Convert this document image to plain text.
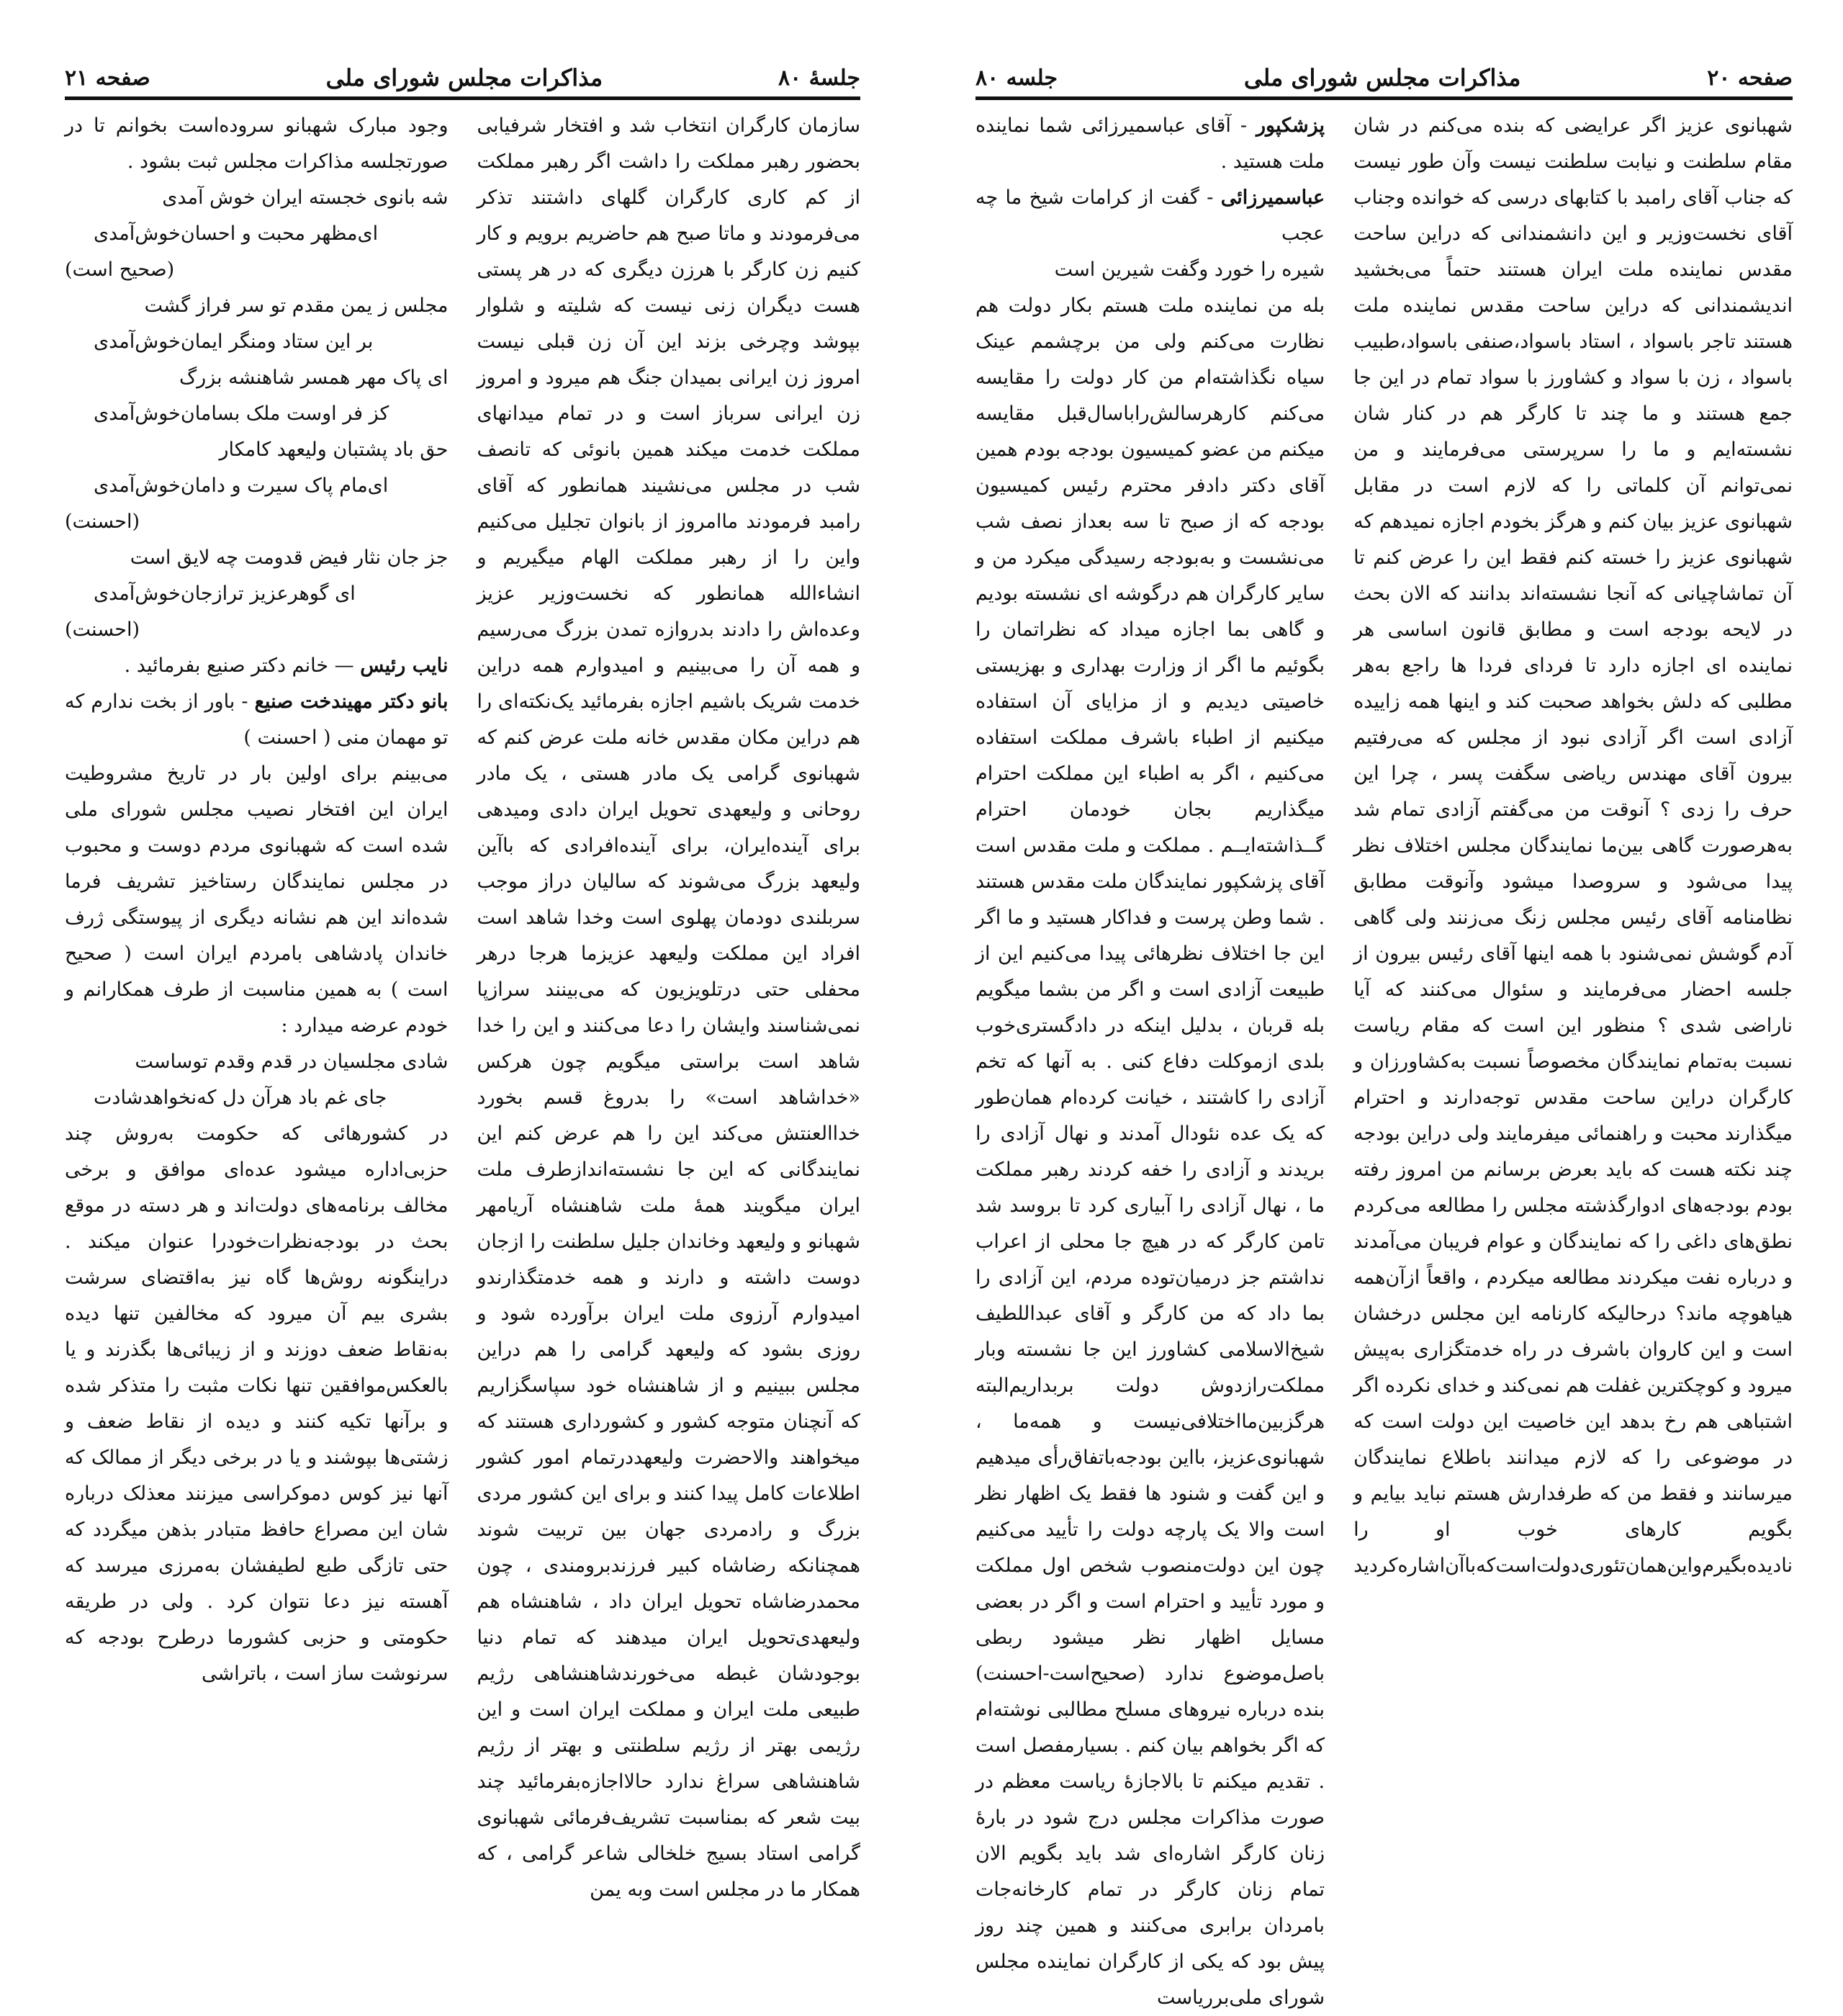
جلسهٔ ۸۰
مذاکرات مجلس شورای ملی
صفحه ۲۱

سازمان کارگران انتخاب شد و افتخار شرفیابی بحضور رهبر مملکت را داشت اگر رهبر مملکت از کم کاری کارگران گلهای داشتند تذکر می‌فرمودند و ماتا صبح هم حاضریم برویم و کار کنیم زن کارگر با هرزن دیگری که در هر پستی هست دیگران زنی نیست که شلیته و شلوار بپوشد وچرخی بزند این آن زن قبلی نیست امروز زن ایرانی بمیدان جنگ هم میرود و امروز زن ایرانی سرباز است و در تمام میدانهای مملکت خدمت میکند همین بانوئی که تانصف شب در مجلس می‌نشیند همانطور که آقای رامبد فرمودند ماامروز از بانوان تجلیل می‌کنیم واین را از رهبر مملکت الهام میگیریم و انشاءالله همانطور که نخست‌وزیر عزیز وعده‌اش را دادند بدروازه تمدن بزرگ می‌رسیم و همه آن را می‌بینیم و امیدوارم همه دراین خدمت شریک باشیم اجازه بفرمائید یک‌نکته‌ای را هم دراین مکان مقدس خانه ملت عرض کنم که شهبانوی گرامی یک مادر هستی ، یک مادر روحانی و ولیعهدی تحویل ایران دادی ومیدهی برای آینده‌ایران، برای آینده‌افرادی که باآین ولیعهد بزرگ می‌شوند که سالیان دراز موجب سربلندی دودمان پهلوی است وخدا شاهد است افراد این مملکت ولیعهد عزیزما هرجا درهر محفلی حتی درتلویزیون که می‌بینند سرازپا نمی‌شناسند وایشان را دعا می‌کنند و این را خدا شاهد است براستی میگویم چون هرکس «خداشاهد است» را بدروغ قسم بخورد خداالعنتش می‌کند این را هم عرض کنم این نمایندگانی که این جا نشسته‌اندازطرف ملت ایران میگویند همهٔ ملت شاهنشاه آریامهر شهبانو و ولیعهد وخاندان جلیل سلطنت را ازجان دوست داشته و دارند و همه خدمتگذارندو امیدوارم آرزوی ملت ایران برآورده شود و روزی بشود که ولیعهد گرامی را هم دراین مجلس ببینیم و از شاهنشاه خود سپاسگزاریم که آنچنان متوجه کشور و کشورداری هستند که میخواهند والاحضرت ولیعهددرتمام امور کشور اطلاعات کامل پیدا کنند و برای این کشور مردی بزرگ و رادمردی جهان بین تربیت شوند همچنانکه رضاشاه کبیر فرزندبرومندی ، چون محمدرضاشاه تحویل ایران داد ، شاهنشاه هم ولیعهدی‌تحویل ایران میدهند که تمام دنیا بوجودشان غبطه می‌خورندشاهنشاهی رژیم طبیعی ملت ایران و مملکت ایران است و این رژیمی بهتر از رژیم سلطنتی و بهتر از رژیم شاهنشاهی سراغ ندارد حالااجازه‌بفرمائید چند بیت شعر که بمناسبت تشریف‌فرمائی شهبانوی گرامی استاد بسیج خلخالی شاعر گرامی ، که همکار ما در مجلس است وبه یمن

وجود مبارک شهبانو سروده‌است بخوانم تا در صورتجلسه مذاکرات مجلس ثبت بشود .

شه بانوی خجسته ایران خوش آمدی

ای‌مظهر محبت و احسان‌خوش‌آمدی

(صحیح است)

مجلس ز یمن مقدم تو سر فراز گشت

بر این ستاد ومنگر ایمان‌خوش‌آمدی

ای پاک مهر همسر شاهنشه بزرگ

کز فر اوست ملک بسامان‌خوش‌آمدی

حق باد پشتبان ولیعهد کامکار

ای‌مام پاک سیرت و دامان‌خوش‌آمدی

(احسنت)

جز جان نثار فیض قدومت چه لایق است

ای گوهرعزیز ترازجان‌خوش‌آمدی

(احسنت)

نایب رئیس — خانم دکتر صنیع بفرمائید .

بانو دکتر مهیندخت صنیع - باور از بخت ندارم که تو مهمان منی ( احسنت )

می‌بینم برای اولین بار در تاریخ مشروطیت ایران این افتخار نصیب مجلس شورای ملی شده است که شهبانوی مردم دوست و محبوب در مجلس نمایندگان رستاخیز تشریف فرما شده‌اند این هم نشانه دیگری از پیوستگی ژرف خاندان پادشاهی بامردم ایران است ( صحیح است ) به همین مناسبت از طرف همکارانم و خودم عرضه میدارد :

شادی مجلسیان در قدم وقدم توساست

جای غم باد هرآن دل که‌نخواهدشادت

در کشورهائی که حکومت به‌روش چند حزبی‌اداره میشود عده‌ای موافق و برخی مخالف برنامه‌های دولت‌اند و هر دسته در موقع بحث در بودجه‌نظرات‌خودرا عنوان میکند . دراینگونه روش‌ها گاه نیز به‌اقتضای سرشت بشری بیم آن میرود که مخالفین تنها دیده به‌نقاط ضعف دوزند و از زیبائی‌ها بگذرند و یا بالعکس‌موافقین تنها نکات مثبت را متذکر شده و برآنها تکیه کنند و دیده از نقاط ضعف و زشتی‌ها بپوشند و یا در برخی دیگر از ممالک که آنها نیز کوس دموکراسی میزنند معذلک درباره شان این مصراع حافظ متبادر بذهن میگردد که حتی تازگی طبع لطیفشان به‌مرزی میرسد که آهسته نیز دعا نتوان کرد . ولی در طریقه حکومتی و حزبی کشورما درطرح بودجه که سرنوشت ساز است ، باتراشی

صفحه ۲۰
مذاکرات مجلس شورای ملی
جلسه ۸۰

شهبانوی عزیز اگر عرایضی که بنده می‌کنم در شان مقام سلطنت و نیابت سلطنت نیست وآن طور نیست که جناب آقای رامبد با کتابهای درسی که خوانده وجناب آقای نخست‌وزیر و این دانشمندانی که دراین ساحت مقدس نماینده ملت ایران هستند حتماً می‌بخشید اندیشمندانی که دراین ساحت مقدس نماینده ملت هستند تاجر باسواد ، استاد باسواد،صنفی باسواد،طبیب باسواد ، زن با سواد و کشاورز با سواد تمام در این جا جمع هستند و ما چند تا کارگر هم در کنار شان نشسته‌ایم و ما را سرپرستی می‌فرمایند و من نمی‌توانم آن کلماتی را که لازم است در مقابل شهبانوی عزیز بیان کنم و هرگز بخودم اجازه نمیدهم که شهبانوی عزیز را خسته کنم فقط این را عرض کنم تا آن تماشاچیانی که آنجا نشسته‌اند بدانند که الان بحث در لایحه بودجه است و مطابق قانون اساسی هر نماینده ای اجازه دارد تا فردای فردا ها راجع به‌هر مطلبی که دلش بخواهد صحبت کند و اینها همه زاییده آزادی است اگر آزادی نبود از مجلس که می‌رفتیم بیرون آقای مهندس ریاضی سگفت پسر ، چرا این حرف را زدی ؟ آنوقت من می‌گفتم آزادی تمام شد به‌هرصورت گاهی بین‌ما نمایندگان مجلس اختلاف نظر پیدا می‌شود و سروصدا میشود وآنوقت مطابق نظامنامه آقای رئیس مجلس زنگ می‌زنند ولی گاهی آدم گوشش نمی‌شنود با همه اینها آقای رئیس بیرون از جلسه احضار می‌فرمایند و سئوال می‌کنند که آیا ناراضی شدی ؟ منظور این است که مقام ریاست نسبت به‌تمام نمایندگان مخصوصاً نسبت به‌کشاورزان و کارگران دراین ساحت مقدس توجه‌دارند و احترام میگذارند محبت و راهنمائی میفرمایند ولی دراین بودجه چند نکته هست که باید بعرض برسانم من امروز رفته بودم بودجه‌های ادوارگذشته مجلس را مطالعه می‌کردم نطق‌های داغی را که نمایندگان و عوام فریبان می‌آمدند و درباره نفت میکردند مطالعه میکردم ، واقعاً ازآن‌همه هیاهوچه ماند؟ درحالیکه کارنامه این مجلس درخشان است و این کاروان باشرف در راه خدمتگزاری به‌پیش میرود و کوچکترین غفلت هم نمی‌کند و خدای نکرده اگر اشتباهی هم رخ بدهد این خاصیت این دولت است که در موضوعی را که لازم میدانند باطلاع نمایندگان میرسانند و فقط من که طرفدارش هستم نباید بیایم و بگویم کارهای خوب او را نادیده‌بگیرم‌واین‌همان‌تئوری‌دولت‌است‌که‌باآن‌اشاره‌کردید

پزشکپور - آقای عباسمیرزائی شما نماینده ملت هستید .

عباسمیرزائی - گفت از کرامات شیخ ما چه عجب

شیره را خورد وگفت شیرین است

بله من نماینده ملت هستم بکار دولت هم نظارت می‌کنم ولی من برچشمم عینک سیاه نگذاشته‌ام من کار دولت را مقایسه می‌کنم کارهرسالش‌راباسال‌قبل مقایسه میکنم من عضو کمیسیون بودجه بودم همین آقای دکتر دادفر محترم رئیس کمیسیون بودجه که از صبح تا سه بعداز نصف شب می‌نشست و به‌بودجه رسیدگی میکرد من و سایر کارگران هم درگوشه ای نشسته بودیم و گاهی بما اجازه میداد که نظراتمان را بگوئیم ما اگر از وزارت بهداری و بهزیستی خاصیتی دیدیم و از مزایای آن استفاده میکنیم از اطباء باشرف مملکت استفاده می‌کنیم ، اگر به اطباء این مملکت احترام میگذاریم بجان خودمان احترام گــذاشته‌ایــم . مملکت و ملت مقدس است آقای پزشکپور نمایندگان ملت مقدس هستند . شما وطن پرست و فداکار هستید و ما اگر این جا اختلاف نظرهائی پیدا می‌کنیم این از طبیعت آزادی است و اگر من بشما میگویم بله قربان ، بدلیل اینکه در دادگستری‌خوب بلدی ازموکلت دفاع کنی . به آنها که تخم آزادی را کاشتند ، خیانت کرده‌ام همان‌طور که یک عده نئودال آمدند و نهال آزادی را بریدند و آزادی را خفه کردند رهبر مملکت ما ، نهال آزادی را آبیاری کرد تا بروسد شد تامن کارگر که در هیچ جا محلی از اعراب نداشتم جز درمیان‌توده مردم، این آزادی را بما داد که من کارگر و آقای عبداللطیف شیخ‌الاسلامی کشاورز این جا نشسته وبار مملکت‌رازدوش دولت بربداریم‌البته هرگزبین‌ما‌اختلافی‌نیست و همه‌ما ، شهبانوی‌عزیز، بااین بودجه‌باتفاق‌رأی میدهیم و این گفت و شنود ها فقط یک اظهار نظر است والا یک پارچه دولت را تأیید می‌کنیم چون این دولت‌منصوب شخص اول مملکت و مورد تأیید و احترام است و اگر در بعضی مسایل اظهار نظر میشود ربطی باصل‌موضوع ندارد (صحیح‌است‌-احسنت) بنده درباره نیروهای مسلح مطالبی نوشته‌ام که اگر بخواهم بیان کنم . بسیارمفصل است . تقدیم میکنم تا بالاجازهٔ ریاست معظم در صورت مذاکرات مجلس درج شود در بارهٔ زنان کارگر اشاره‌ای شد باید بگویم الان تمام زنان کارگر در تمام کارخانه‌جات بامردان برابری می‌کنند و همین چند روز پیش بود که یکی از کارگران نماینده مجلس شورای ملی‌برریاست
